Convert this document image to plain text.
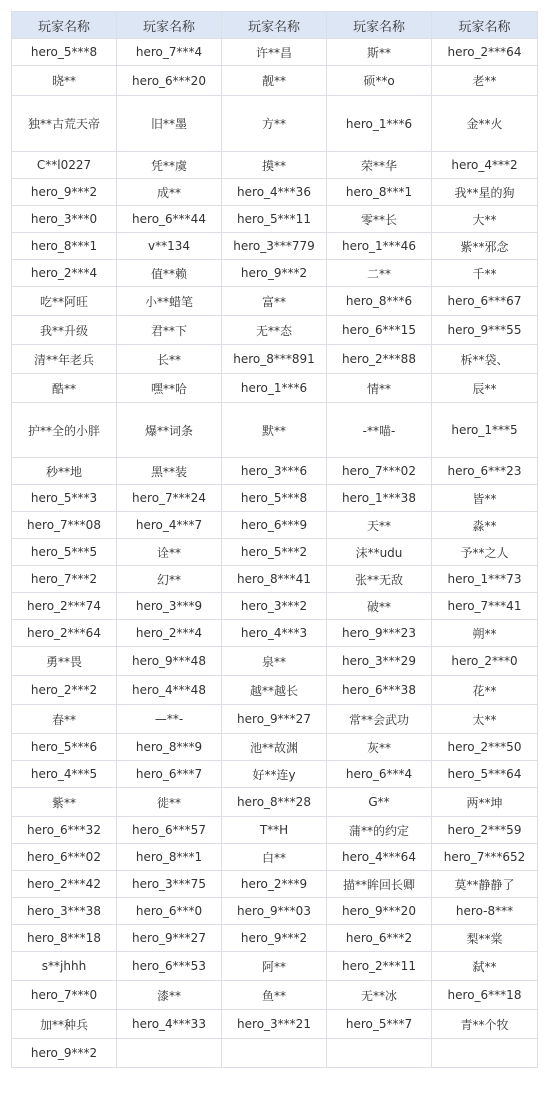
玩家名称	玩家名称	玩家名称	玩家名称	玩家名称
hero_5***8	hero_7***4	许**昌	斯**	hero_2***64
晓**	hero_6***20	靓**	硕**o	老**
独**古荒天帝	旧**墨	方**	hero_1***6	金**火
C**l0227	凭**虞	摸**	荣**华	hero_4***2
hero_9***2	成**	hero_4***36	hero_8***1	我**星的狗
hero_3***0	hero_6***44	hero_5***11	零**长	大**
hero_8***1	v**134	hero_3***779	hero_1***46	紫**邪念
hero_2***4	值**赖	hero_9***2	二**	千**
吃**阿旺	小**蜡笔	富**	hero_8***6	hero_6***67
我**升级	君**下	无**态	hero_6***15	hero_9***55
清**年老兵	长**	hero_8***891	hero_2***88	柝**袋、
酷**	嘿**哈	hero_1***6	情**	辰**
护**全的小胖	爆**词条	默**	-**喵-	hero_1***5
秒**地	黑**装	hero_3***6	hero_7***02	hero_6***23
hero_5***3	hero_7***24	hero_5***8	hero_1***38	皆**
hero_7***08	hero_4***7	hero_6***9	天**	淼**
hero_5***5	诠**	hero_5***2	沫**udu	予**之人
hero_7***2	幻**	hero_8***41	张**无敌	hero_1***73
hero_2***74	hero_3***9	hero_3***2	破**	hero_7***41
hero_2***64	hero_2***4	hero_4***3	hero_9***23	朔**
勇**畏	hero_9***48	泉**	hero_3***29	hero_2***0
hero_2***2	hero_4***48	越**越长	hero_6***38	花**
春**	—**-	hero_9***27	常**会武功	太**
hero_5***6	hero_8***9	池**故渊	灰**	hero_2***50
hero_4***5	hero_6***7	好**连y	hero_6***4	hero_5***64
紫**	徙**	hero_8***28	G**	两**坤
hero_6***32	hero_6***57	T**H	蒲**的约定	hero_2***59
hero_6***02	hero_8***1	白**	hero_4***64	hero_7***652
hero_2***42	hero_3***75	hero_2***9	描**眸回长卿	莫**静静了
hero_3***38	hero_6***0	hero_9***03	hero_9***20	hero-8***
hero_8***18	hero_9***27	hero_9***2	hero_6***2	梨**棠
s**jhhh	hero_6***53	阿**	hero_2***11	弑**
hero_7***0	漆**	鱼**	无**冰	hero_6***18
加**种兵	hero_4***33	hero_3***21	hero_5***7	青**个牧
hero_9***2				
